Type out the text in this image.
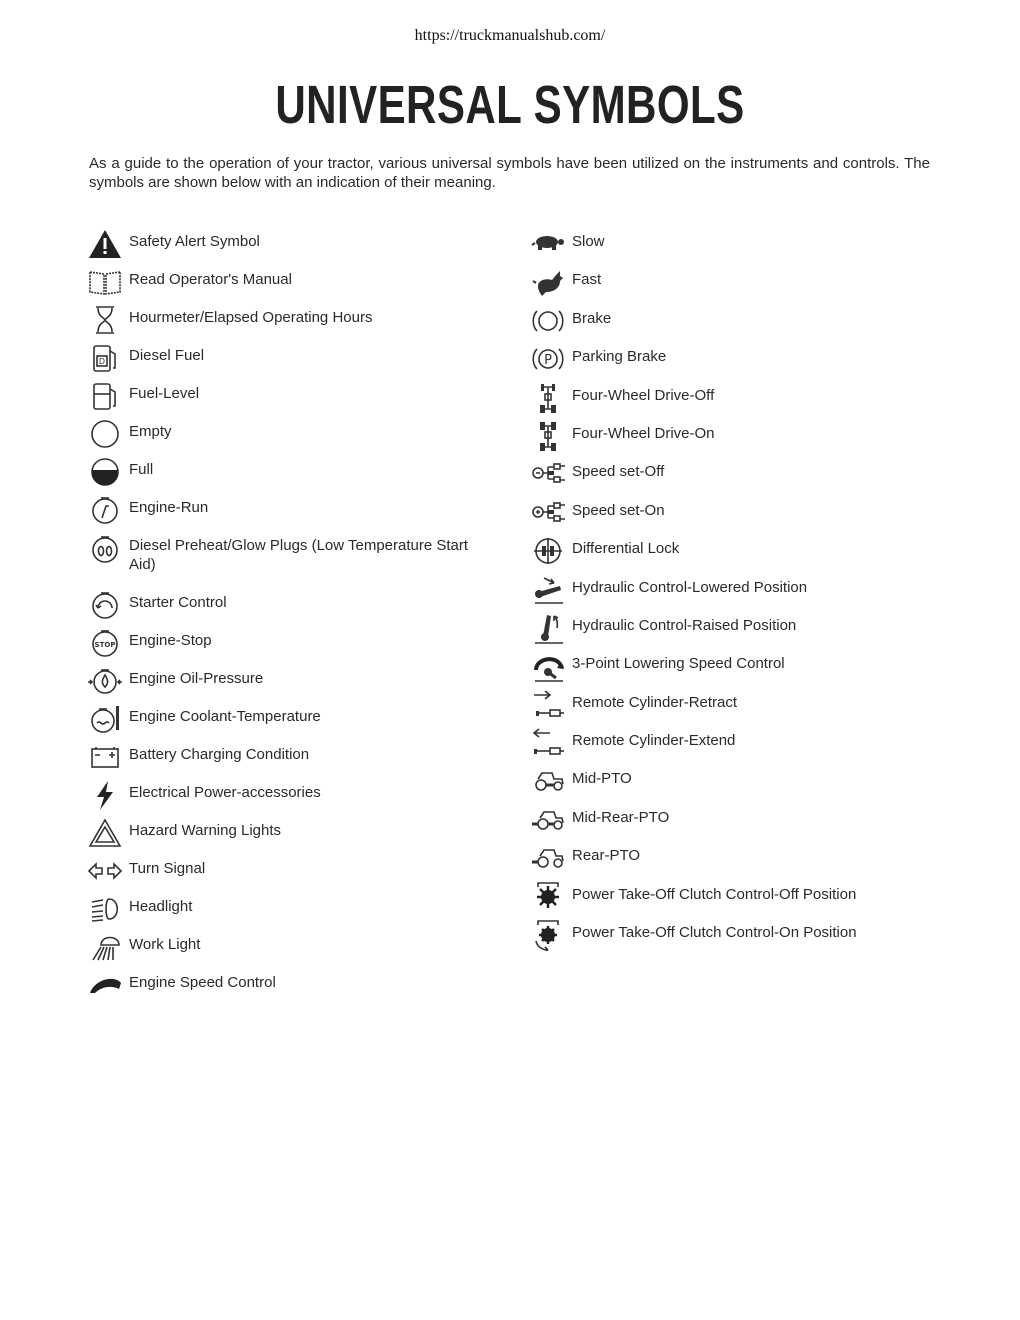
https://truckmanualshub.com/
UNIVERSAL SYMBOLS
As a guide to the operation of your tractor, various universal symbols have been utilized on the instruments and controls. The symbols are shown below with an indication of their meaning.
Safety Alert Symbol
Read Operator's Manual
Hourmeter/Elapsed Operating Hours
D Diesel Fuel
Fuel-Level
Empty
Full
Engine-Run
Diesel Preheat/Glow Plugs (Low Temperature Start Aid)
Starter Control
STOP Engine-Stop
Engine Oil-Pressure
Engine Coolant-Temperature
Battery Charging Condition
Electrical Power-accessories
Hazard Warning Lights
Turn Signal
Headlight
Work Light
Engine Speed Control
Slow
Fast
Brake
P Parking Brake
Four-Wheel Drive-Off
Four-Wheel Drive-On
Speed set-Off
Speed set-On
Differential Lock
Hydraulic Control-Lowered Position
Hydraulic Control-Raised Position
3-Point Lowering Speed Control
Remote Cylinder-Retract
Remote Cylinder-Extend
Mid-PTO
Mid-Rear-PTO
Rear-PTO
Power Take-Off Clutch Control-Off Position
Power Take-Off Clutch Control-On Position
